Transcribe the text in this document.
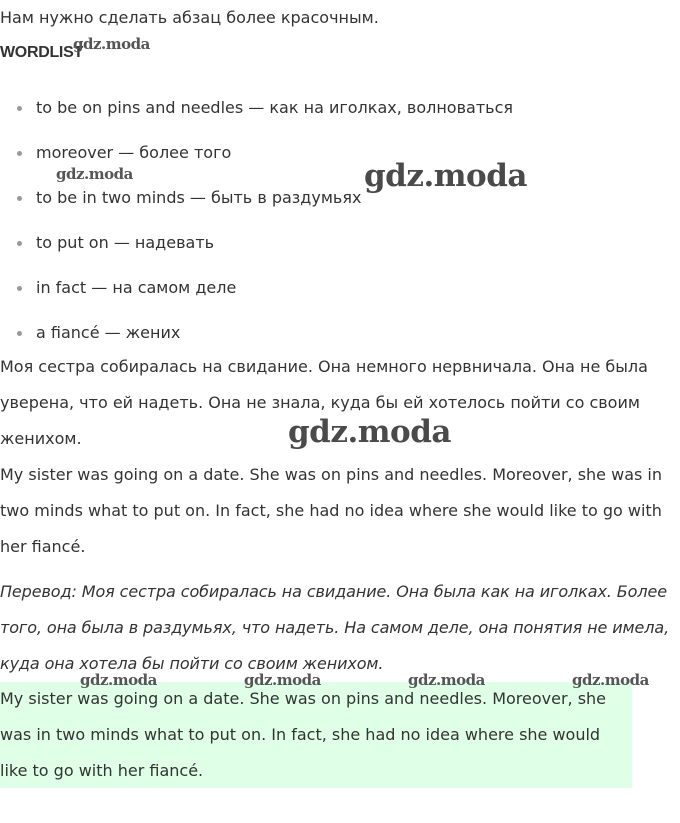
Нам нужно сделать абзац более красочным.
WORDLIST
to be on pins and needles — как на иголках, волноваться
moreover — более того
to be in two minds — быть в раздумьях
to put on — надевать
in fact — на самом деле
a fiancé — жених

Моя сестра собиралась на свидание. Она немного нервничала. Она не была уверена, что ей надеть. Она не знала, куда бы ей хотелось пойти со своим женихом.

My sister was going on a date. She was on pins and needles. Moreover, she was in two minds what to put on. In fact, she had no idea where she would like to go with her fiancé.

Перевод: Моя сестра собиралась на свидание. Она была как на иголках. Более того, она была в раздумьях, что надеть. На самом деле, она понятия не имела, куда она хотела бы пойти со своим женихом.

My sister was going on a date. She was on pins and needles. Moreover, she was in two minds what to put on. In fact, she had no idea where she would like to go with her fiancé.

gdz.moda
gdz.moda	gdz.moda
gdz.moda
gdz.moda	gdz.moda	gdz.moda	gdz.moda
